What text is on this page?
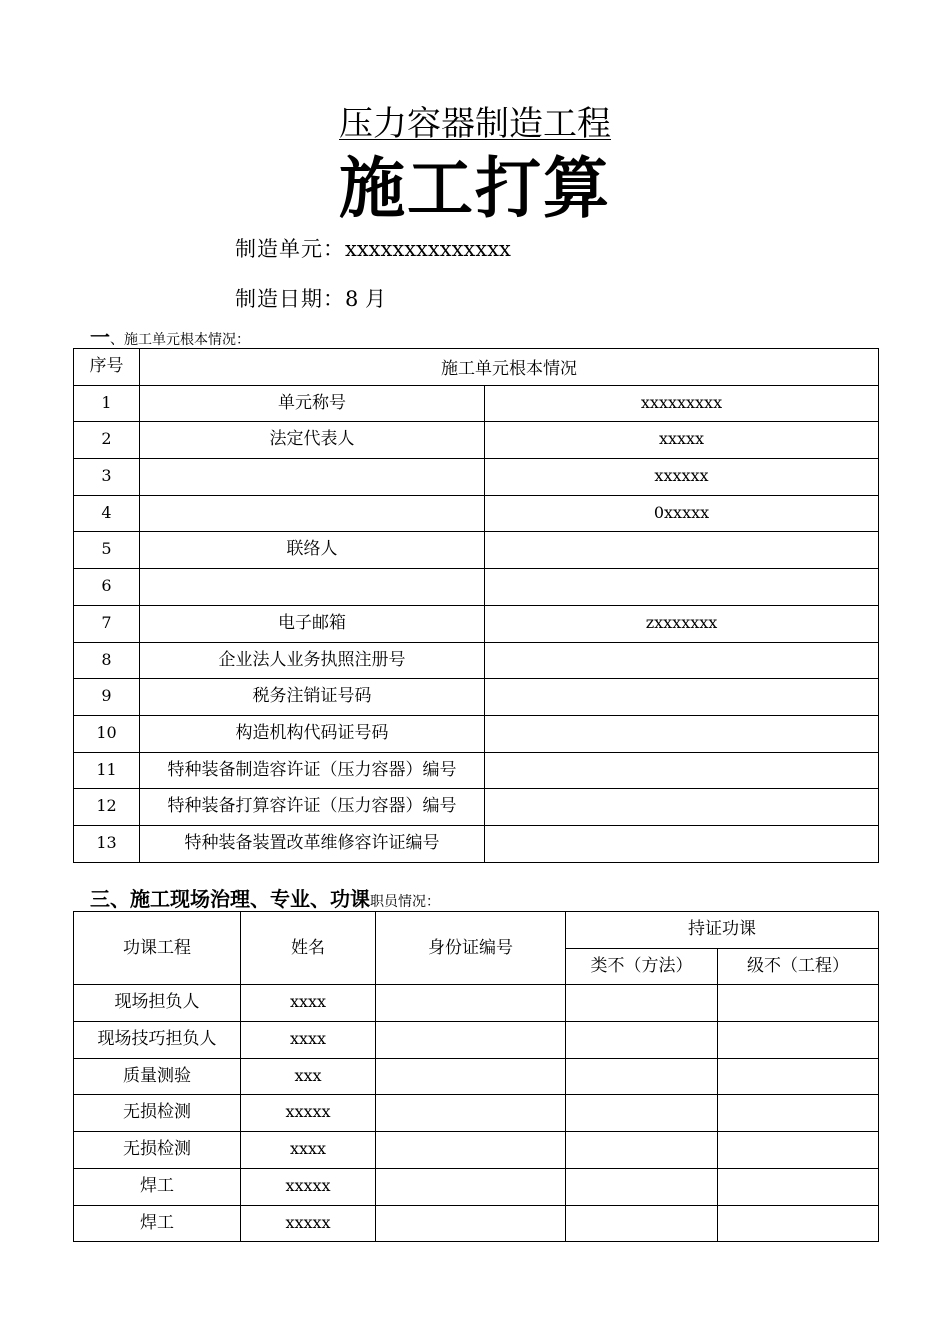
压力容器制造工程
施工打算
制造单元：xxxxxxxxxxxxxx
制造日期：8 月
一、施工单元根本情况：
序号	施工单元根本情况	
1	单元称号	xxxxxxxxx
2	法定代表人	xxxxx
3		xxxxxx
4		0xxxxx
5	联络人	
6		
7	电子邮箱	zxxxxxxx
8	企业法人业务执照注册号	
9	税务注销证号码	
10	构造机构代码证号码	
11	特种装备制造容许证（压力容器）编号	
12	特种装备打算容许证（压力容器）编号	
13	特种装备装置改革维修容许证编号	
三、施工现场治理、专业、功课职员情况：
功课工程	姓名	身份证编号	持证功课	
			类不（方法）	级不（工程）
现场担负人	xxxx			
现场技巧担负人	xxxx			
质量测验	xxx			
无损检测	xxxxx			
无损检测	xxxx			
焊工	xxxxx			
焊工	xxxxx			
